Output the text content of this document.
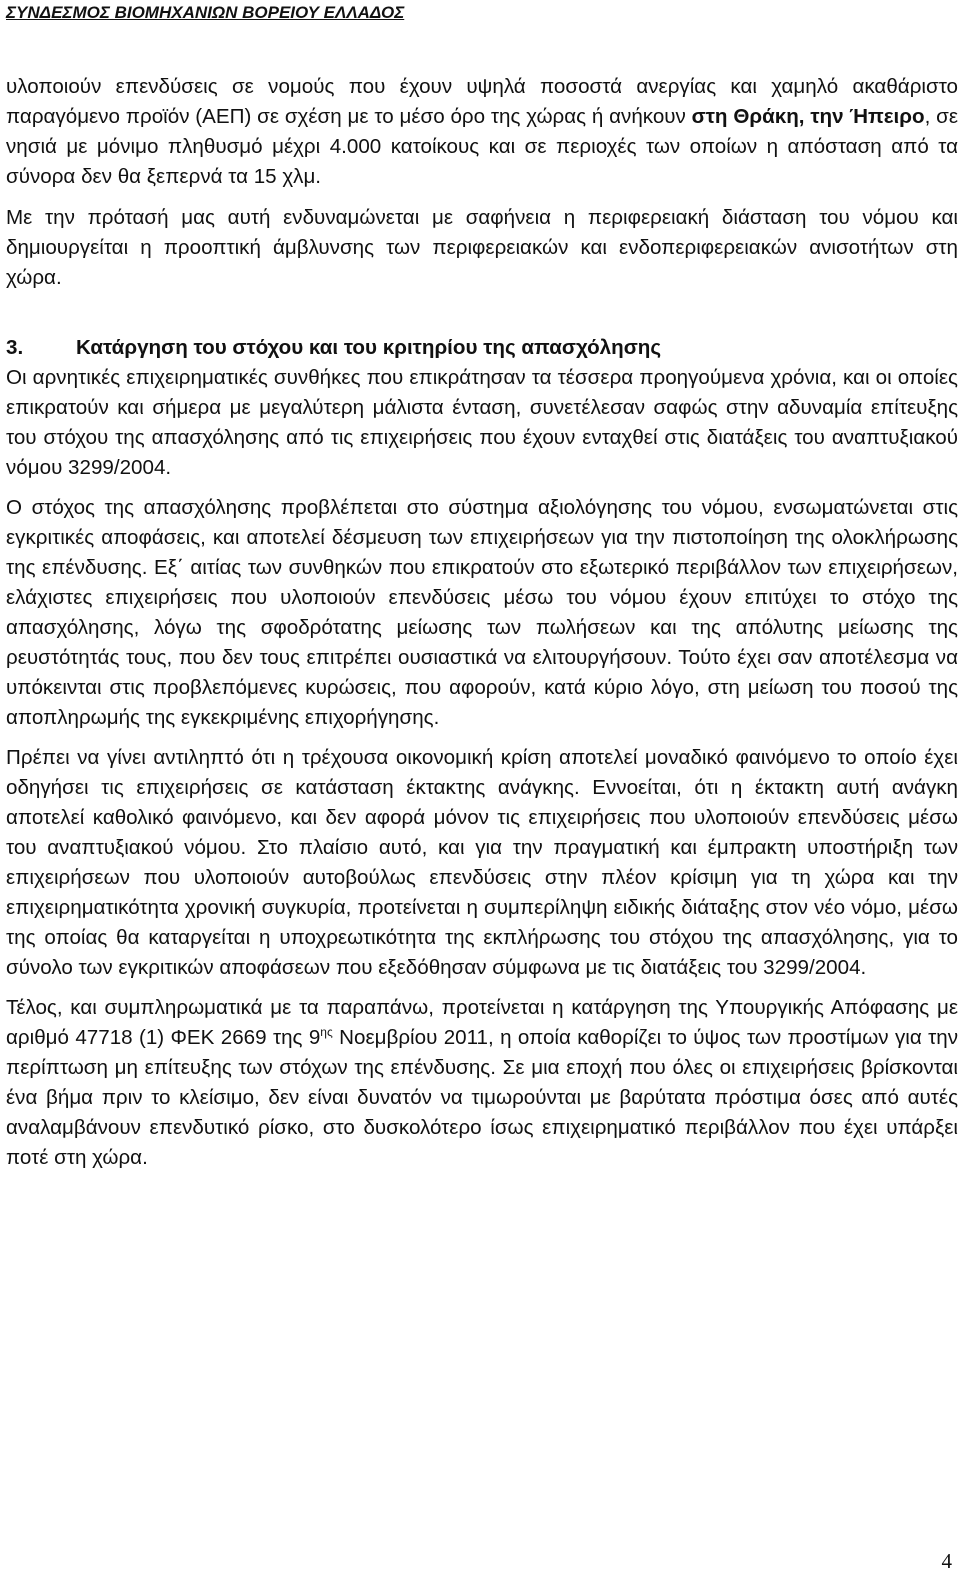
ΣΥΝΔΕΣΜΟΣ ΒΙΟΜΗΧΑΝΙΩΝ ΒΟΡΕΙΟΥ ΕΛΛΑΔΟΣ

υλοποιούν επενδύσεις σε νομούς που έχουν υψηλά ποσοστά ανεργίας και χαμηλό ακαθάριστο παραγόμενο προϊόν (ΑΕΠ) σε σχέση με το μέσο όρο της χώρας ή ανήκουν στη Θράκη, την Ήπειρο, σε νησιά με μόνιμο πληθυσμό μέχρι 4.000 κατοίκους και σε περιοχές των οποίων η απόσταση από τα σύνορα δεν θα ξεπερνά τα 15 χλμ.

Με την πρότασή μας αυτή ενδυναμώνεται με σαφήνεια η περιφερειακή διάσταση του νόμου και δημιουργείται η προοπτική άμβλυνσης των περιφερειακών και ενδοπεριφερειακών ανισοτήτων στη χώρα.

3.	Κατάργηση του στόχου και του κριτηρίου της απασχόλησης

Οι αρνητικές επιχειρηματικές συνθήκες που επικράτησαν τα τέσσερα προηγούμενα χρόνια, και οι οποίες επικρατούν και σήμερα με μεγαλύτερη μάλιστα ένταση, συνετέλεσαν σαφώς στην αδυναμία επίτευξης του στόχου της απασχόλησης από τις επιχειρήσεις που έχουν ενταχθεί στις διατάξεις του αναπτυξιακού νόμου 3299/2004.

Ο στόχος της απασχόλησης προβλέπεται στο σύστημα αξιολόγησης του νόμου, ενσωματώνεται στις εγκριτικές αποφάσεις, και αποτελεί δέσμευση των επιχειρήσεων για την πιστοποίηση της ολοκλήρωσης της επένδυσης. Εξ΄ αιτίας των συνθηκών που επικρατούν στο εξωτερικό περιβάλλον των επιχειρήσεων, ελάχιστες επιχειρήσεις που υλοποιούν επενδύσεις μέσω του νόμου έχουν επιτύχει το στόχο της απασχόλησης, λόγω της σφοδρότατης μείωσης των πωλήσεων και της απόλυτης μείωσης της ρευστότητάς τους, που δεν τους επιτρέπει ουσιαστικά να ελιτουργήσουν. Τούτο έχει σαν αποτέλεσμα να υπόκεινται στις προβλεπόμενες κυρώσεις, που αφορούν, κατά κύριο λόγο, στη μείωση του ποσού της αποπληρωμής της εγκεκριμένης επιχορήγησης.

Πρέπει να γίνει αντιληπτό ότι η τρέχουσα οικονομική κρίση αποτελεί μοναδικό φαινόμενο το οποίο έχει οδηγήσει τις επιχειρήσεις σε κατάσταση έκτακτης ανάγκης. Εννοείται, ότι η έκτακτη αυτή ανάγκη αποτελεί καθολικό φαινόμενο, και δεν αφορά μόνον τις επιχειρήσεις που υλοποιούν επενδύσεις μέσω του αναπτυξιακού νόμου. Στο πλαίσιο αυτό, και για την πραγματική και έμπρακτη υποστήριξη των επιχειρήσεων που υλοποιούν αυτοβούλως επενδύσεις στην πλέον κρίσιμη για τη χώρα και την επιχειρηματικότητα χρονική συγκυρία, προτείνεται η συμπερίληψη ειδικής διάταξης στον νέο νόμο, μέσω της οποίας θα καταργείται η υποχρεωτικότητα της εκπλήρωσης του στόχου της απασχόλησης, για το σύνολο των εγκριτικών αποφάσεων που εξεδόθησαν σύμφωνα με τις διατάξεις του 3299/2004.

Τέλος, και συμπληρωματικά με τα παραπάνω, προτείνεται η κατάργηση της Υπουργικής Απόφασης με αριθμό 47718 (1) ΦΕΚ 2669 της $9^{\eta\varsigma}$ Νοεμβρίου 2011, η οποία καθορίζει το ύψος των προστίμων για την περίπτωση μη επίτευξης των στόχων της επένδυσης. Σε μια εποχή που όλες οι επιχειρήσεις βρίσκονται ένα βήμα πριν το κλείσιμο, δεν είναι δυνατόν να τιμωρούνται με βαρύτατα πρόστιμα όσες από αυτές αναλαμβάνουν επενδυτικό ρίσκο, στο δυσκολότερο ίσως επιχειρηματικό περιβάλλον που έχει υπάρξει ποτέ στη χώρα.

4
